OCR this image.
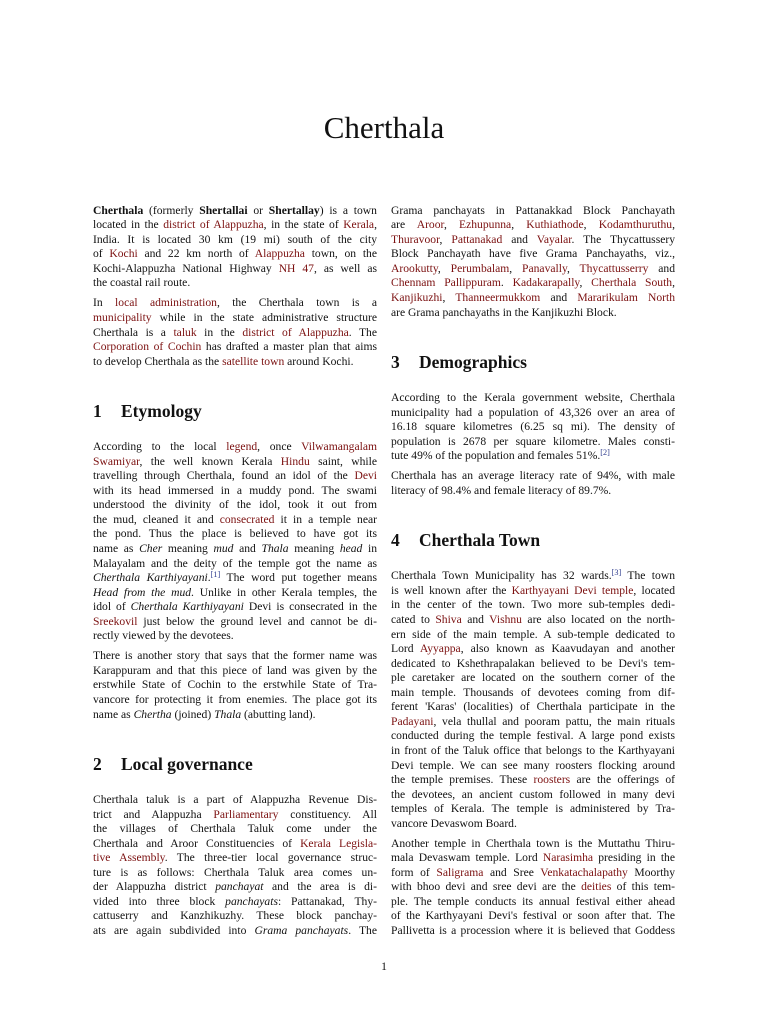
Cherthala
Cherthala (formerly Shertallai or Shertallay) is a town
located in the district of Alappuzha, in the state of Kerala,
India. It is located 30 km (19 mi) south of the city
of Kochi and 22 km north of Alappuzha town, on the
Kochi-Alappuzha National Highway NH 47, as well as
the coastal rail route.
In local administration, the Cherthala town is a
municipality while in the state administrative structure
Cherthala is a taluk in the district of Alappuzha. The
Corporation of Cochin has drafted a master plan that aims
to develop Cherthala as the satellite town around Kochi.
1 Etymology
According to the local legend, once Vilwamangalam
Swamiyar, the well known Kerala Hindu saint, while
travelling through Cherthala, found an idol of the Devi
with its head immersed in a muddy pond. The swami
understood the divinity of the idol, took it out from
the mud, cleaned it and consecrated it in a temple near
the pond. Thus the place is believed to have got its
name as Cher meaning mud and Thala meaning head in
Malayalam and the deity of the temple got the name as
Cherthala Karthiyayani.[1] The word put together means
Head from the mud. Unlike in other Kerala temples, the
idol of Cherthala Karthiyayani Devi is consecrated in the
Sreekovil just below the ground level and cannot be di-
rectly viewed by the devotees.
There is another story that says that the former name was
Karappuram and that this piece of land was given by the
erstwhile State of Cochin to the erstwhile State of Tra-
vancore for protecting it from enemies. The place got its
name as Chertha (joined) Thala (abutting land).
2 Local governance
Cherthala taluk is a part of Alappuzha Revenue Dis-
trict and Alappuzha Parliamentary constituency. All
the villages of Cherthala Taluk come under the
Cherthala and Aroor Constituencies of Kerala Legisla-
tive Assembly. The three-tier local governance struc-
ture is as follows: Cherthala Taluk area comes un-
der Alappuzha district panchayat and the area is di-
vided into three block panchayats: Pattanakad, Thy-
cattuserry and Kanzhikuzhy. These block panchay-
ats are again subdivided into Grama panchayats. The
Grama panchayats in Pattanakkad Block Panchayath
are Aroor, Ezhupunna, Kuthiathode, Kodamthuruthu,
Thuravoor, Pattanakad and Vayalar. The Thycattussery
Block Panchayath have five Grama Panchayaths, viz.,
Arookutty, Perumbalam, Panavally, Thycattusserry and
Chennam Pallippuram. Kadakarapally, Cherthala South,
Kanjikuzhi, Thanneermukkom and Mararikulam North
are Grama panchayaths in the Kanjikuzhi Block.
3 Demographics
According to the Kerala government website, Cherthala
municipality had a population of 43,326 over an area of
16.18 square kilometres (6.25 sq mi). The density of
population is 2678 per square kilometre. Males consti-
tute 49% of the population and females 51%.[2]
Cherthala has an average literacy rate of 94%, with male
literacy of 98.4% and female literacy of 89.7%.
4 Cherthala Town
Cherthala Town Municipality has 32 wards.[3] The town
is well known after the Karthyayani Devi temple, located
in the center of the town. Two more sub-temples dedi-
cated to Shiva and Vishnu are also located on the north-
ern side of the main temple. A sub-temple dedicated to
Lord Ayyappa, also known as Kaavudayan and another
dedicated to Kshethrapalakan believed to be Devi's tem-
ple caretaker are located on the southern corner of the
main temple. Thousands of devotees coming from dif-
ferent 'Karas' (localities) of Cherthala participate in the
Padayani, vela thullal and pooram pattu, the main rituals
conducted during the temple festival. A large pond exists
in front of the Taluk office that belongs to the Karthyayani
Devi temple. We can see many roosters flocking around
the temple premises. These roosters are the offerings of
the devotees, an ancient custom followed in many devi
temples of Kerala. The temple is administered by Tra-
vancore Devaswom Board.
Another temple in Cherthala town is the Muttathu Thiru-
mala Devaswam temple. Lord Narasimha presiding in the
form of Saligrama and Sree Venkatachalapathy Moorthy
with bhoo devi and sree devi are the deities of this tem-
ple. The temple conducts its annual festival either ahead
of the Karthyayani Devi's festival or soon after that. The
Pallivetta is a procession where it is believed that Goddess
1
